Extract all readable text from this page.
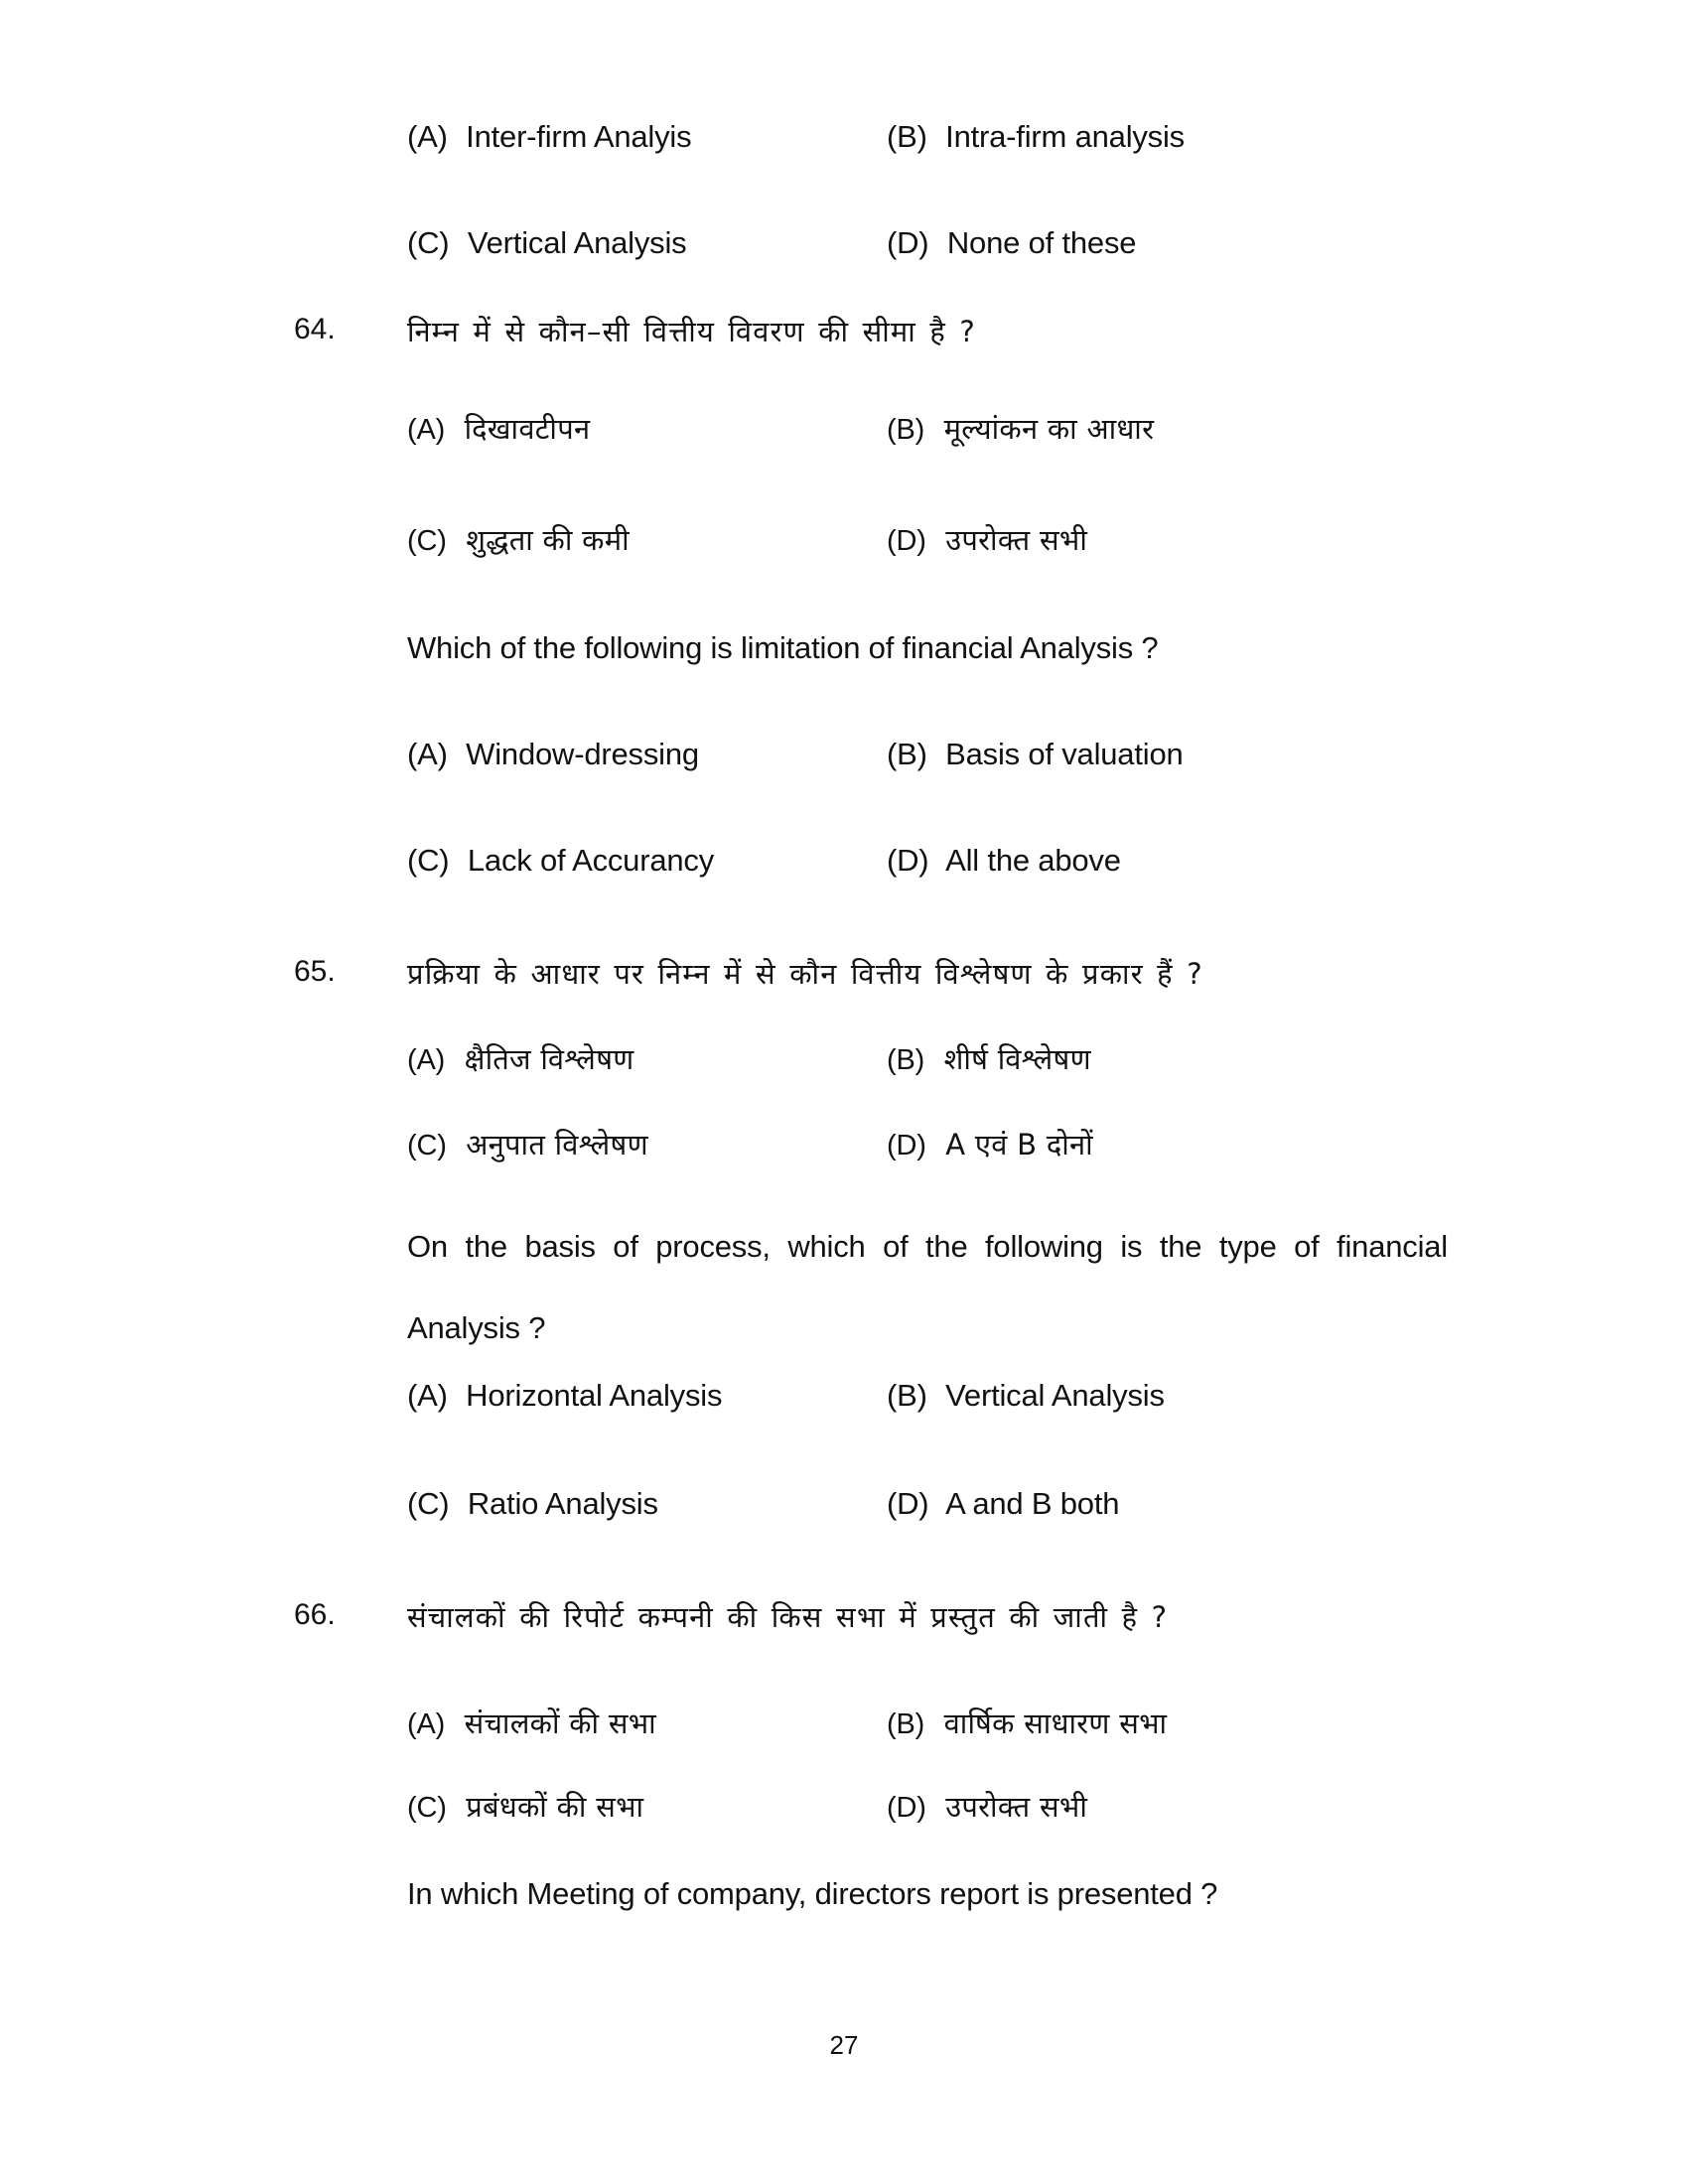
(A) Inter-firm Analyis	(B) Intra-firm analysis
(C) Vertical Analysis	(D) None of these
64.	निम्न में से कौन–सी वित्तीय विवरण की सीमा है ?
(A) दिखावटीपन	(B) मूल्यांकन का आधार
(C) शुद्धता की कमी	(D) उपरोक्त सभी
Which of the following is limitation of financial Analysis ?
(A) Window-dressing	(B) Basis of valuation
(C) Lack of Accurancy	(D) All the above
65.	प्रक्रिया के आधार पर निम्न में से कौन वित्तीय विश्लेषण के प्रकार हैं ?
(A) क्षैतिज विश्लेषण	(B) शीर्ष विश्लेषण
(C) अनुपात विश्लेषण	(D) A एवं B दोनों
On the basis of process, which of the following is the type of financial Analysis ?
(A) Horizontal Analysis	(B) Vertical Analysis
(C) Ratio Analysis	(D) A and B both
66.	संचालकों की रिपोर्ट कम्पनी की किस सभा में प्रस्तुत की जाती है ?
(A) संचालकों की सभा	(B) वार्षिक साधारण सभा
(C) प्रबंधकों की सभा	(D) उपरोक्त सभी
In which Meeting of company, directors report is presented ?
27
